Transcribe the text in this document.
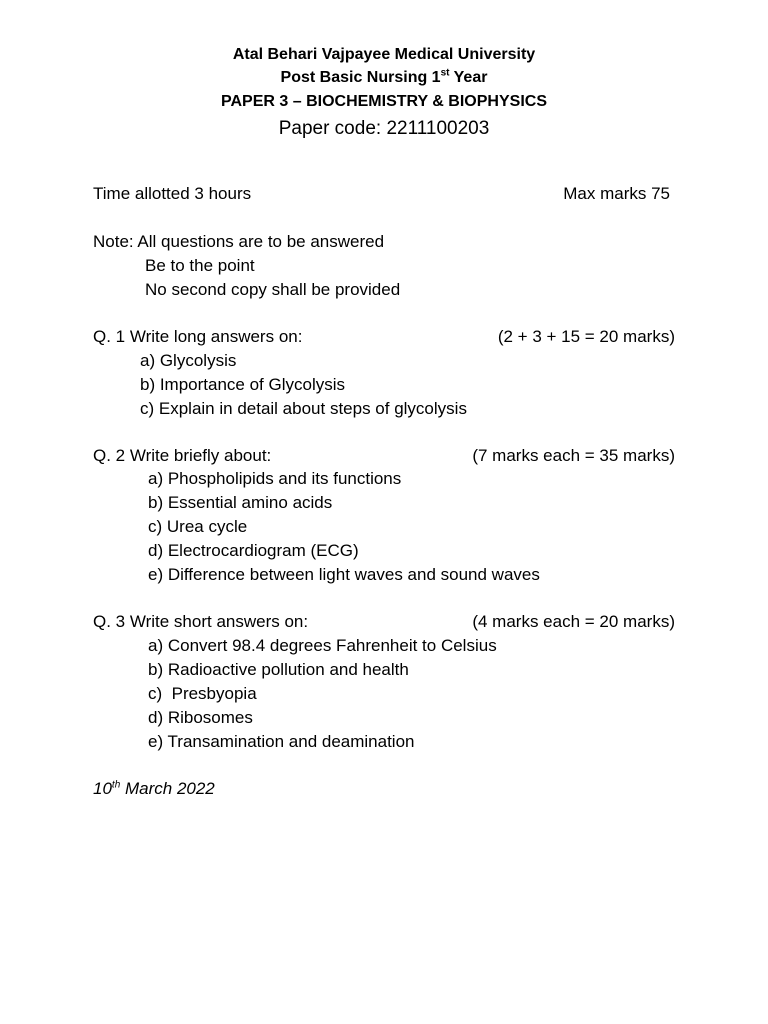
Atal Behari Vajpayee Medical University
Post Basic Nursing 1st Year
PAPER 3 – BIOCHEMISTRY & BIOPHYSICS
Paper code: 2211100203
Time allotted 3 hours	Max marks 75
Note: All questions are to be answered
Be to the point
No second copy shall be provided
Q. 1 Write long answers on:	(2 + 3 + 15 = 20 marks)
a) Glycolysis
b) Importance of Glycolysis
c) Explain in detail about steps of glycolysis
Q. 2 Write briefly about:	(7 marks each = 35 marks)
a) Phospholipids and its functions
b) Essential amino acids
c) Urea cycle
d) Electrocardiogram (ECG)
e) Difference between light waves and sound waves
Q. 3 Write short answers on:	(4 marks each = 20 marks)
a) Convert 98.4 degrees Fahrenheit to Celsius
b) Radioactive pollution and health
c)  Presbyopia
d) Ribosomes
e) Transamination and deamination
10th March 2022
